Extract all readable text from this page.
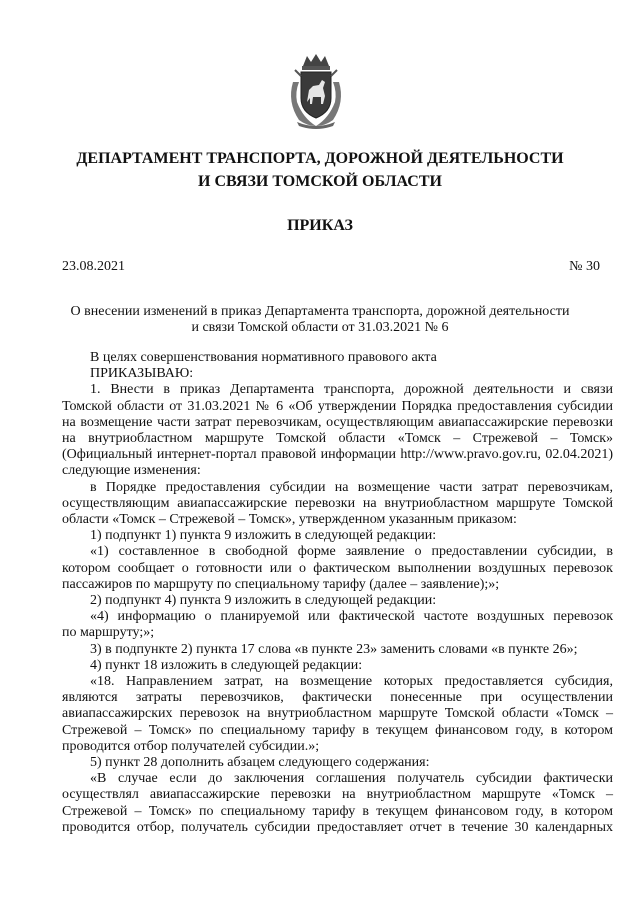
ДЕПАРТАМЕНТ ТРАНСПОРТА, ДОРОЖНОЙ ДЕЯТЕЛЬНОСТИ
И СВЯЗИ ТОМСКОЙ ОБЛАСТИ
ПРИКАЗ
23.08.2021	№ 30
О внесении изменений в приказ Департамента транспорта, дорожной деятельности
и связи Томской области от 31.03.2021 № 6

В целях совершенствования нормативного правового акта

ПРИКАЗЫВАЮ:

1. Внести в приказ Департамента транспорта, дорожной деятельности и связи

Томской области от 31.03.2021 № 6 «Об утверждении Порядка предоставления субсидии

на возмещение части затрат перевозчикам, осуществляющим авиапассажирские перевозки

на внутриобластном маршруте Томской области «Томск – Стрежевой – Томск»

(Официальный интернет-портал правовой информации http://www.pravo.gov.ru, 02.04.2021)

следующие изменения:

в Порядке предоставления субсидии на возмещение части затрат перевозчикам,

осуществляющим авиапассажирские перевозки на внутриобластном маршруте Томской

области «Томск – Стрежевой – Томск», утвержденном указанным приказом:

1) подпункт 1) пункта 9 изложить в следующей редакции:

«1) составленное в свободной форме заявление о предоставлении субсидии, в

котором сообщает о готовности или о фактическом выполнении воздушных перевозок

пассажиров по маршруту по специальному тарифу (далее – заявление);»;

2) подпункт 4) пункта 9 изложить в следующей редакции:

«4) информацию о планируемой или фактической частоте воздушных перевозок

по маршруту;»;

3) в подпункте 2) пункта 17 слова «в пункте 23» заменить словами «в пункте 26»;

4) пункт 18 изложить в следующей редакции:

«18. Направлением затрат, на возмещение которых предоставляется субсидия,

являются затраты перевозчиков, фактически понесенные при осуществлении

авиапассажирских перевозок на внутриобластном маршруте Томской области «Томск –

Стрежевой – Томск» по специальному тарифу в текущем финансовом году, в котором

проводится отбор получателей субсидии.»;

5) пункт 28 дополнить абзацем следующего содержания:

«В случае если до заключения соглашения получатель субсидии фактически

осуществлял авиапассажирские перевозки на внутриобластном маршруте «Томск –

Стрежевой – Томск» по специальному тарифу в текущем финансовом году, в котором

проводится отбор, получатель субсидии предоставляет отчет в течение 30 календарных
